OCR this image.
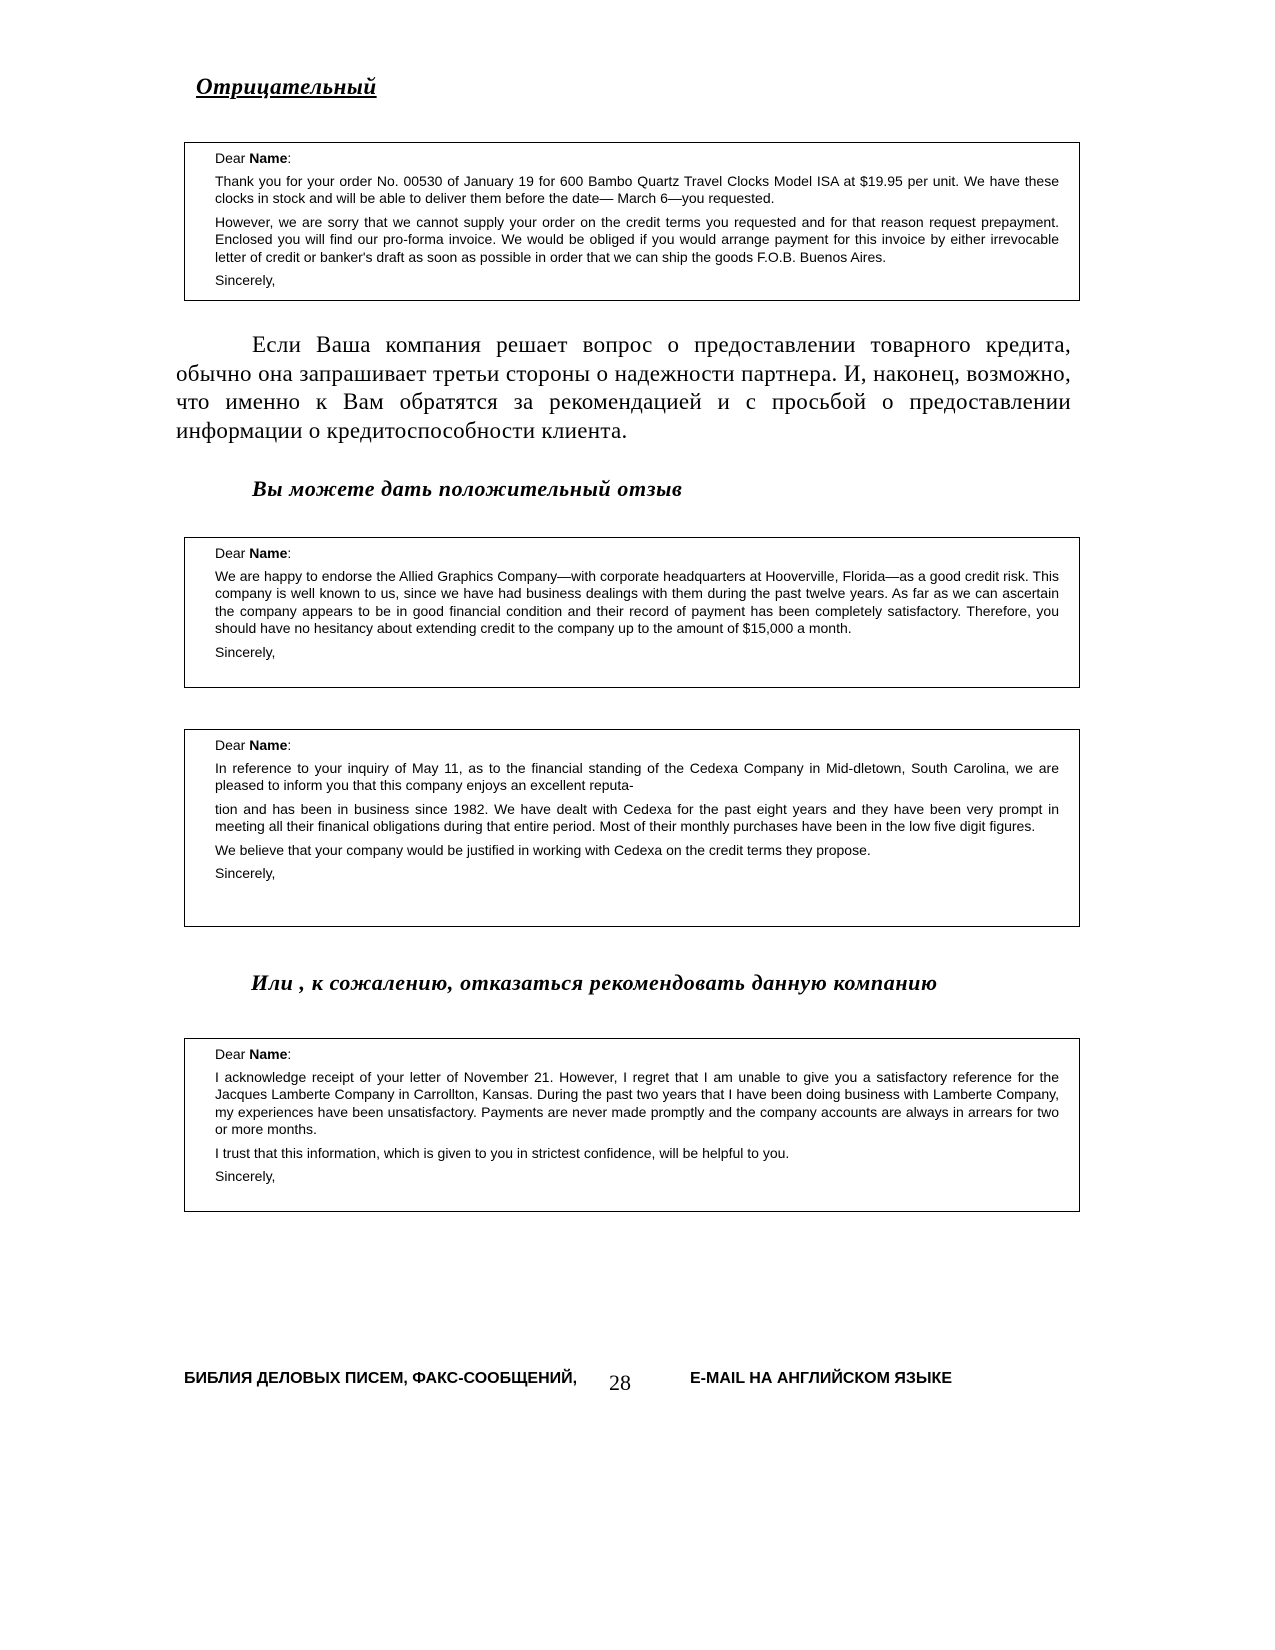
Отрицательный

Dear Name:

Thank you for your order No. 00530 of January 19 for 600 Bambo Quartz Travel Clocks Model ISA at $19.95 per unit. We have these clocks in stock and will be able to deliver them before the date— March 6—you requested.

However, we are sorry that we cannot supply your order on the credit terms you requested and for that reason request prepayment. Enclosed you will find our pro-forma invoice. We would be obliged if you would arrange payment for this invoice by either irrevocable letter of credit or banker's draft as soon as possible in order that we can ship the goods F.O.B. Buenos Aires.

Sincerely,

Если Ваша компания решает вопрос о предоставлении товарного кредита, обычно она запрашивает третьи стороны о надежности партнера. И, наконец, возможно, что именно к Вам обратятся за рекомендацией и с просьбой о предоставлении информации о кредитоспособности клиента.
Вы можете дать положительный отзыв

Dear Name:

We are happy to endorse the Allied Graphics Company—with corporate headquarters at Hooverville, Florida—as a good credit risk. This company is well known to us, since we have had business dealings with them during the past twelve years. As far as we can ascertain the company appears to be in good financial condition and their record of payment has been completely satisfactory. Therefore, you should have no hesitancy about extending credit to the company up to the amount of $15,000 a month.

Sincerely,

Dear Name:

In reference to your inquiry of May 11, as to the financial standing of the Cedexa Company in Mid-dletown, South Carolina, we are pleased to inform you that this company enjoys an excellent reputa-

tion and has been in business since 1982. We have dealt with Cedexa for the past eight years and they have been very prompt in meeting all their finanical obligations during that entire period. Most of their monthly purchases have been in the low five digit figures.

We believe that your company would be justified in working with Cedexa on the credit terms they propose.

Sincerely,

Или , к сожалению, отказаться рекомендовать данную компанию

Dear Name:

I acknowledge receipt of your letter of November 21. However, I regret that I am unable to give you a satisfactory reference for the Jacques Lamberte Company in Carrollton, Kansas. During the past two years that I have been doing business with Lamberte Company, my experiences have been unsatisfactory. Payments are never made promptly and the company accounts are always in arrears for two or more months.

I trust that this information, which is given to you in strictest confidence, will be helpful to you.

Sincerely,

БИБЛИЯ ДЕЛОВЫХ ПИСЕМ, ФАКС-СООБЩЕНИЙ, 28	E-MAIL НА АНГЛИЙСКОМ ЯЗЫКЕ
